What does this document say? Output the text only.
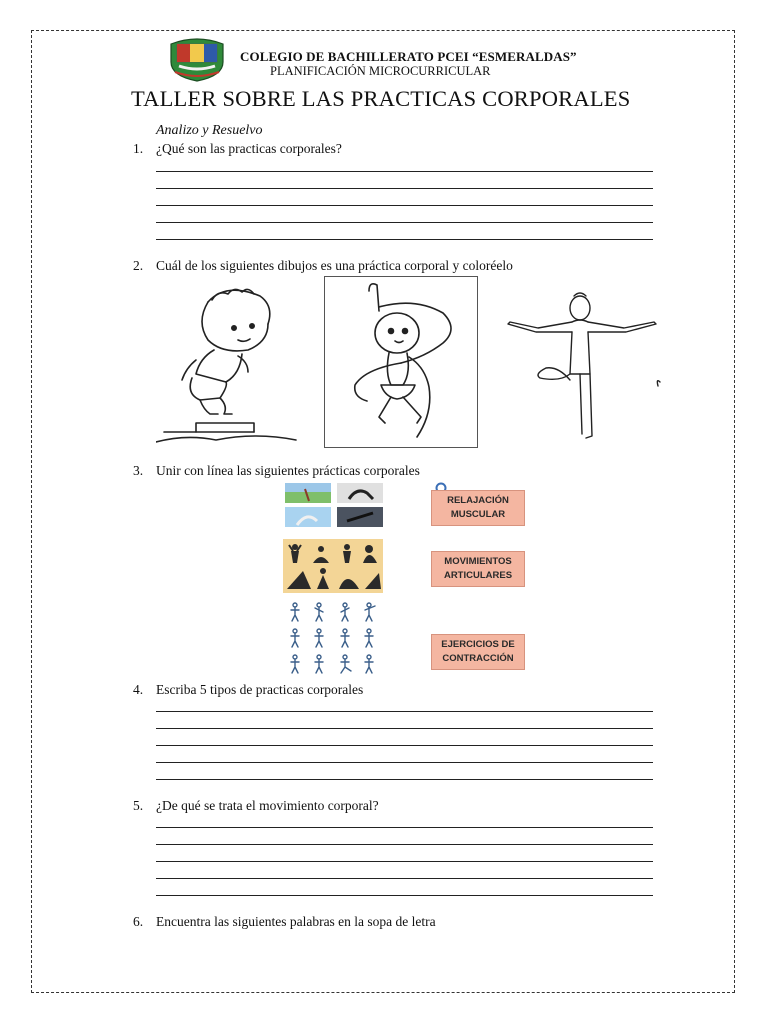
COLEGIO DE BACHILLERATO PCEI “ESMERALDAS”
PLANIFICACIÓN MICROCURRICULAR
TALLER SOBRE LAS PRACTICAS CORPORALES
Analizo y Resuelvo
1. ¿Qué son las practicas corporales?
2. Cuál de los siguientes dibujos es una práctica corporal y coloréelo
3. Unir con línea las siguientes prácticas corporales
RELAJACIÓN
MUSCULAR
MOVIMIENTOS
ARTICULARES
EJERCICIOS DE
CONTRACCIÓN
4. Escriba 5 tipos de practicas corporales
5. ¿De qué se trata el movimiento corporal?
6. Encuentra las siguientes palabras en la sopa de letra
